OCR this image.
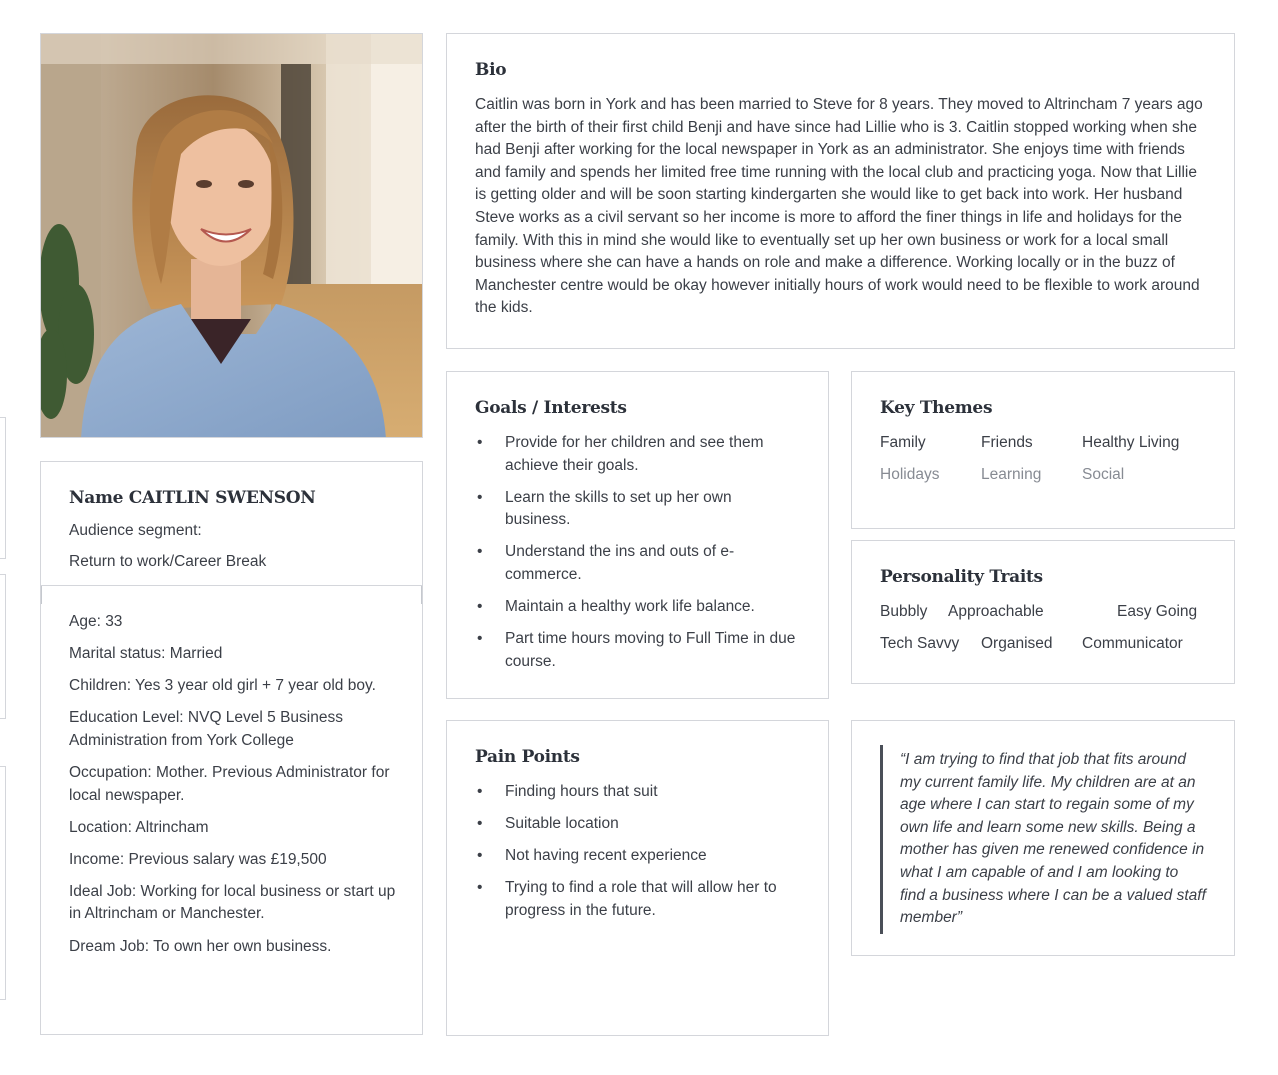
Name CAITLIN SWENSON
Audience segment:
Return to work/Career Break
Age: 33
Marital status: Married
Children: Yes 3 year old girl + 7 year old boy.
Education Level: NVQ Level 5 Business Administration from York College
Occupation: Mother. Previous Administrator for local newspaper.
Location: Altrincham
Income: Previous salary was £19,500
Ideal Job: Working for local business or start up in Altrincham or Manchester.
Dream Job: To own her own business.
Bio
Caitlin was born in York and has been married to Steve for 8 years. They moved to Altrincham 7 years ago after the birth of their first child Benji and have since had Lillie who is 3. Caitlin stopped working when she had Benji after working for the local newspaper in York as an administrator. She enjoys time with friends and family and spends her limited free time running with the local club and practicing yoga. Now that Lillie is getting older and will be soon starting kindergarten she would like to get back into work. Her husband Steve works as a civil servant so her income is more to afford the finer things in life and holidays for the family. With this in mind she would like to eventually set up her own business or work for a local small business where she can have a hands on role and make a difference. Working locally or in the buzz of Manchester centre would be okay however initially hours of work would need to be flexible to work around the kids.
Goals / Interests
• Provide for her children and see them achieve their goals.
• Learn the skills to set up her own business.
• Understand the ins and outs of e-commerce.
• Maintain a healthy work life balance.
• Part time hours moving to Full Time in due course.
Key Themes
Family	Friends	Healthy Living
Holidays	Learning	Social
Personality Traits
Bubbly	Approachable	Easy Going
Tech Savvy	Organised	Communicator
Pain Points
• Finding hours that suit
• Suitable location
• Not having recent experience
• Trying to find a role that will allow her to progress in the future.
“I am trying to find that job that fits around my current family life. My children are at an age where I can start to regain some of my own life and learn some new skills. Being a mother has given me renewed confidence in what I am capable of and I am looking to find a business where I can be a valued staff member”
